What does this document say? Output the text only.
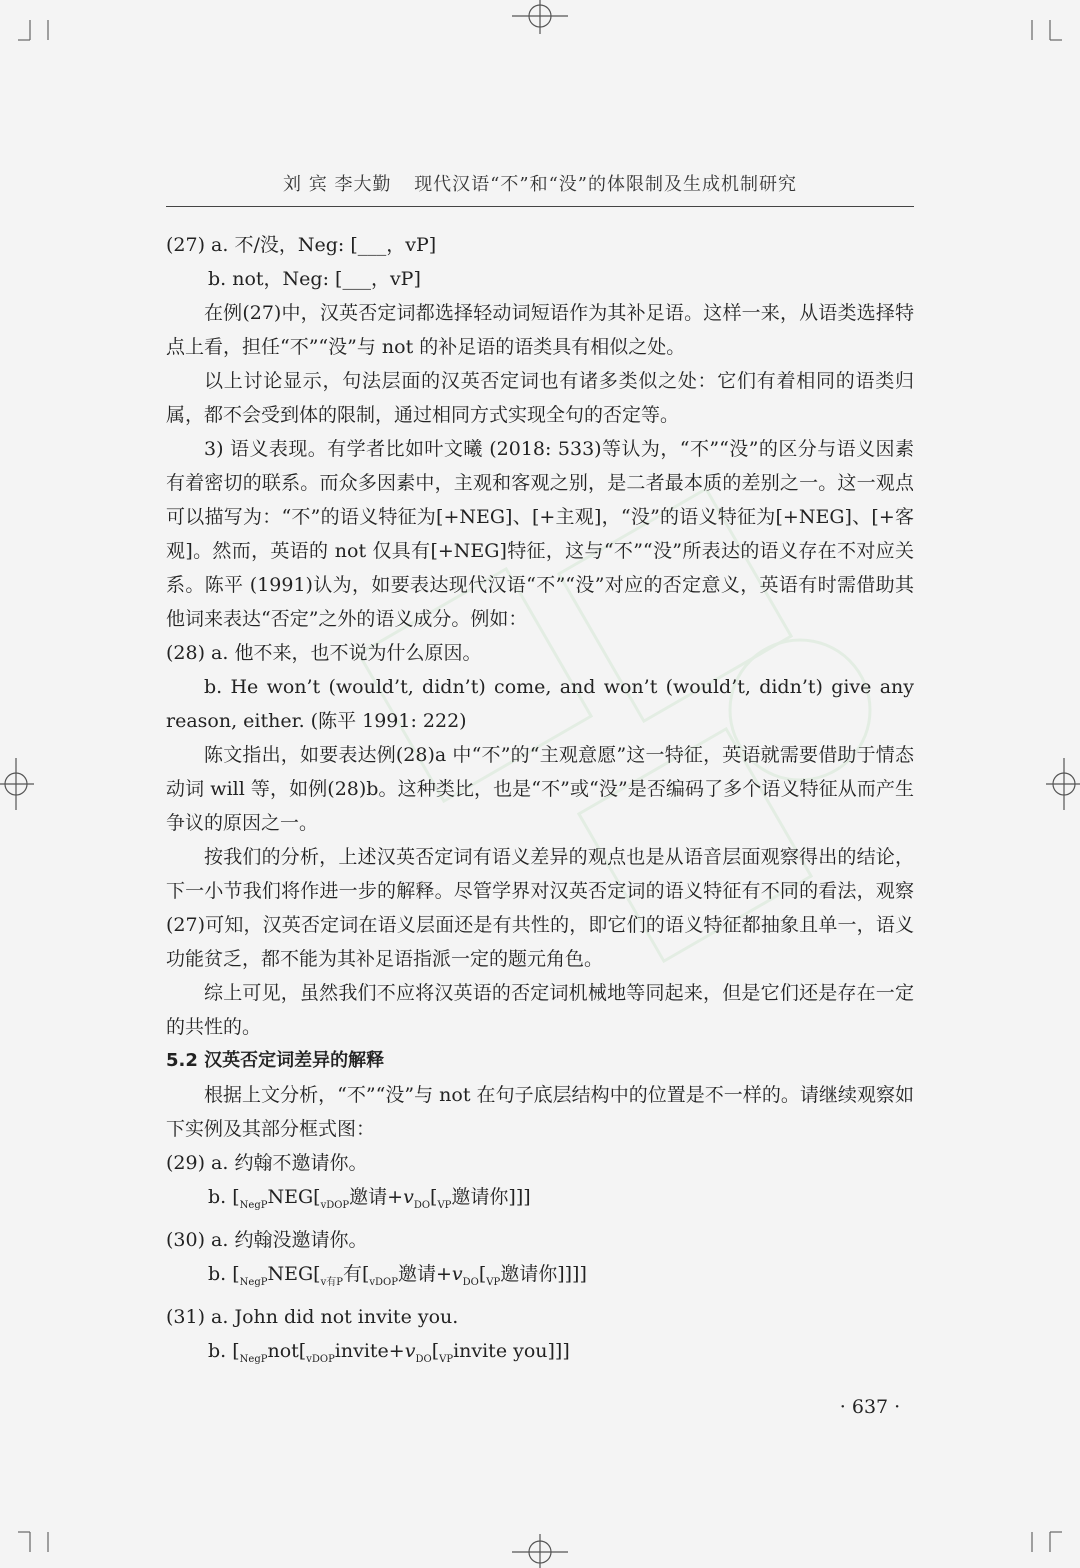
刘 宾 李大勤 现代汉语“不”和“没”的体限制及生成机制研究

(27) a. 不/没，Neg: [___，vP]

b. not，Neg: [___，vP]

在例(27)中，汉英否定词都选择轻动词短语作为其补足语。这样一来，从语类选择特点上看，担任“不”“没”与 not 的补足语的语类具有相似之处。

以上讨论显示，句法层面的汉英否定词也有诸多类似之处：它们有着相同的语类归属，都不会受到体的限制，通过相同方式实现全句的否定等。

3) 语义表现。有学者比如叶文曦 (2018: 533)等认为，“不”“没”的区分与语义因素有着密切的联系。而众多因素中，主观和客观之别，是二者最本质的差别之一。这一观点可以描写为：“不”的语义特征为[+NEG]、[+主观]，“没”的语义特征为[+NEG]、[+客观]。然而，英语的 not 仅具有[+NEG]特征，这与“不”“没”所表达的语义存在不对应关系。陈平 (1991)认为，如要表达现代汉语“不”“没”对应的否定意义，英语有时需借助其他词来表达“否定”之外的语义成分。例如：

(28) a. 他不来，也不说为什么原因。

b. He won’t (would’t, didn’t) come, and won’t (would’t, didn’t) give any reason, either. (陈平 1991: 222)

陈文指出，如要表达例(28)a 中“不”的“主观意愿”这一特征，英语就需要借助于情态动词 will 等，如例(28)b。这种类比，也是“不”或“没”是否编码了多个语义特征从而产生争议的原因之一。

按我们的分析，上述汉英否定词有语义差异的观点也是从语音层面观察得出的结论，下一小节我们将作进一步的解释。尽管学界对汉英否定词的语义特征有不同的看法，观察(27)可知，汉英否定词在语义层面还是有共性的，即它们的语义特征都抽象且单一，语义功能贫乏，都不能为其补足语指派一定的题元角色。

综上可见，虽然我们不应将汉英语的否定词机械地等同起来，但是它们还是存在一定的共性的。

5.2 汉英否定词差异的解释

根据上文分析，“不”“没”与 not 在句子底层结构中的位置是不一样的。请继续观察如下实例及其部分框式图：

(29) a. 约翰不邀请你。

b. [$_{NegP}NEG[_{vDOP}$邀请$+v_{DO}[_{VP}$邀请你]]]

(30) a. 约翰没邀请你。

b. [$_{NegP}NEG[_{v有P}$有[$_{vDOP}$邀请$+v_{DO}[_{VP}$邀请你]]]]

(31) a. John did not invite you.

b. [$_{NegP}not[_{vDOP}invite+v_{DO}[_{VP}invite$ you]]]

· 637 ·
